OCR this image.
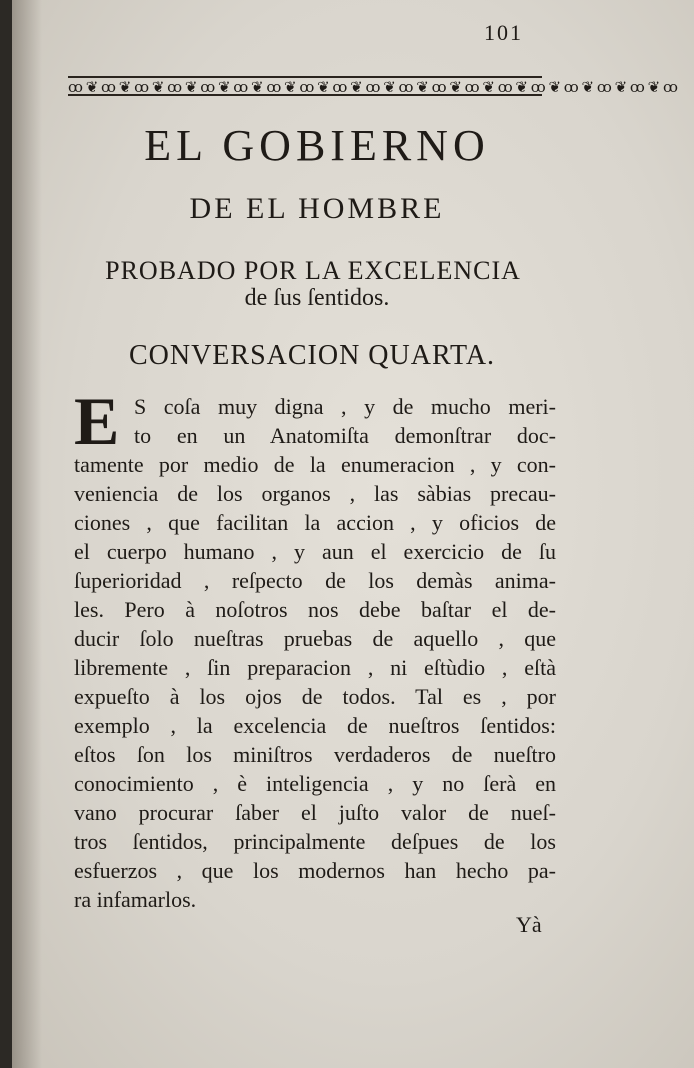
101
ꝏ ❦ ꝏ ❦ ꝏ ❦ ꝏ ❦ ꝏ ❦ ꝏ ❦ ꝏ ❦ ꝏ ❦ ꝏ ❦ ꝏ ❦ ꝏ ❦ ꝏ ❦ ꝏ ❦ ꝏ ❦ ꝏ ❦ ꝏ ❦ ꝏ ❦ ꝏ ❦ ꝏ
EL GOBIERNO
DE EL HOMBRE
PROBADO POR LA EXCELENCIA
de ſus ſentidos.
CONVERSACION QUARTA.
E S coſa muy digna , y de mucho meri-
to en un Anatomiſta demonſtrar doc-
tamente por medio de la enumeracion , y con-
veniencia de los organos , las sàbias precau-
ciones , que facilitan la accion , y oficios de
el cuerpo humano , y aun el exercicio de ſu
ſuperioridad , reſpecto de los demàs anima-
les. Pero à noſotros nos debe baſtar el de-
ducir ſolo nueſtras pruebas de aquello , que
libremente , ſin preparacion , ni eſtùdio , eſtà
expueſto à los ojos de todos. Tal es , por
exemplo , la excelencia de nueſtros ſentidos:
eſtos ſon los miniſtros verdaderos de nueſtro
conocimiento , è inteligencia , y no ſerà en
vano procurar ſaber el juſto valor de nueſ-
tros ſentidos, principalmente deſpues de los
esfuerzos , que los modernos han hecho pa-
ra infamarlos.
Yà
